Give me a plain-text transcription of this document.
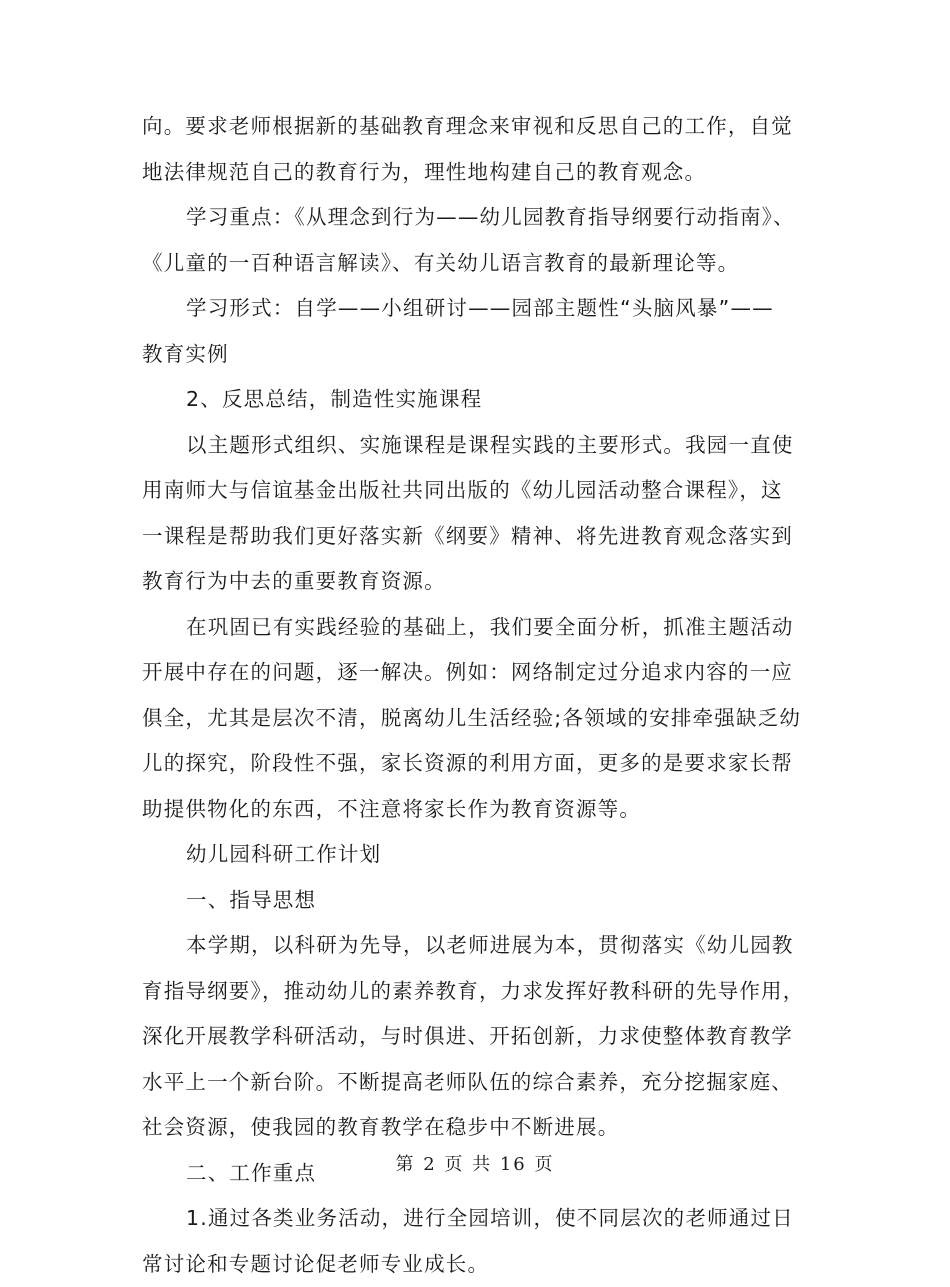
向。要求老师根据新的基础教育理念来审视和反思自己的工作，自觉
地法律规范自己的教育行为，理性地构建自己的教育观念。
学习重点：《从理念到行为——幼儿园教育指导纲要行动指南》、
《儿童的一百种语言解读》、有关幼儿语言教育的最新理论等。
学习形式：自学——小组研讨——园部主题性“头脑风暴”——
教育实例
2、反思总结，制造性实施课程
以主题形式组织、实施课程是课程实践的主要形式。我园一直使
用南师大与信谊基金出版社共同出版的《幼儿园活动整合课程》，这
一课程是帮助我们更好落实新《纲要》精神、将先进教育观念落实到
教育行为中去的重要教育资源。
在巩固已有实践经验的基础上，我们要全面分析，抓准主题活动
开展中存在的问题，逐一解决。例如：网络制定过分追求内容的一应
俱全，尤其是层次不清，脱离幼儿生活经验;各领域的安排牵强缺乏幼
儿的探究，阶段性不强，家长资源的利用方面，更多的是要求家长帮
助提供物化的东西，不注意将家长作为教育资源等。
幼儿园科研工作计划
一、指导思想
本学期，以科研为先导，以老师进展为本，贯彻落实《幼儿园教
育指导纲要》，推动幼儿的素养教育，力求发挥好教科研的先导作用，
深化开展教学科研活动，与时俱进、开拓创新，力求使整体教育教学
水平上一个新台阶。不断提高老师队伍的综合素养，充分挖掘家庭、
社会资源，使我园的教育教学在稳步中不断进展。
二、工作重点
1.通过各类业务活动，进行全园培训，使不同层次的老师通过日
常讨论和专题讨论促老师专业成长。
第 2 页 共 16 页
